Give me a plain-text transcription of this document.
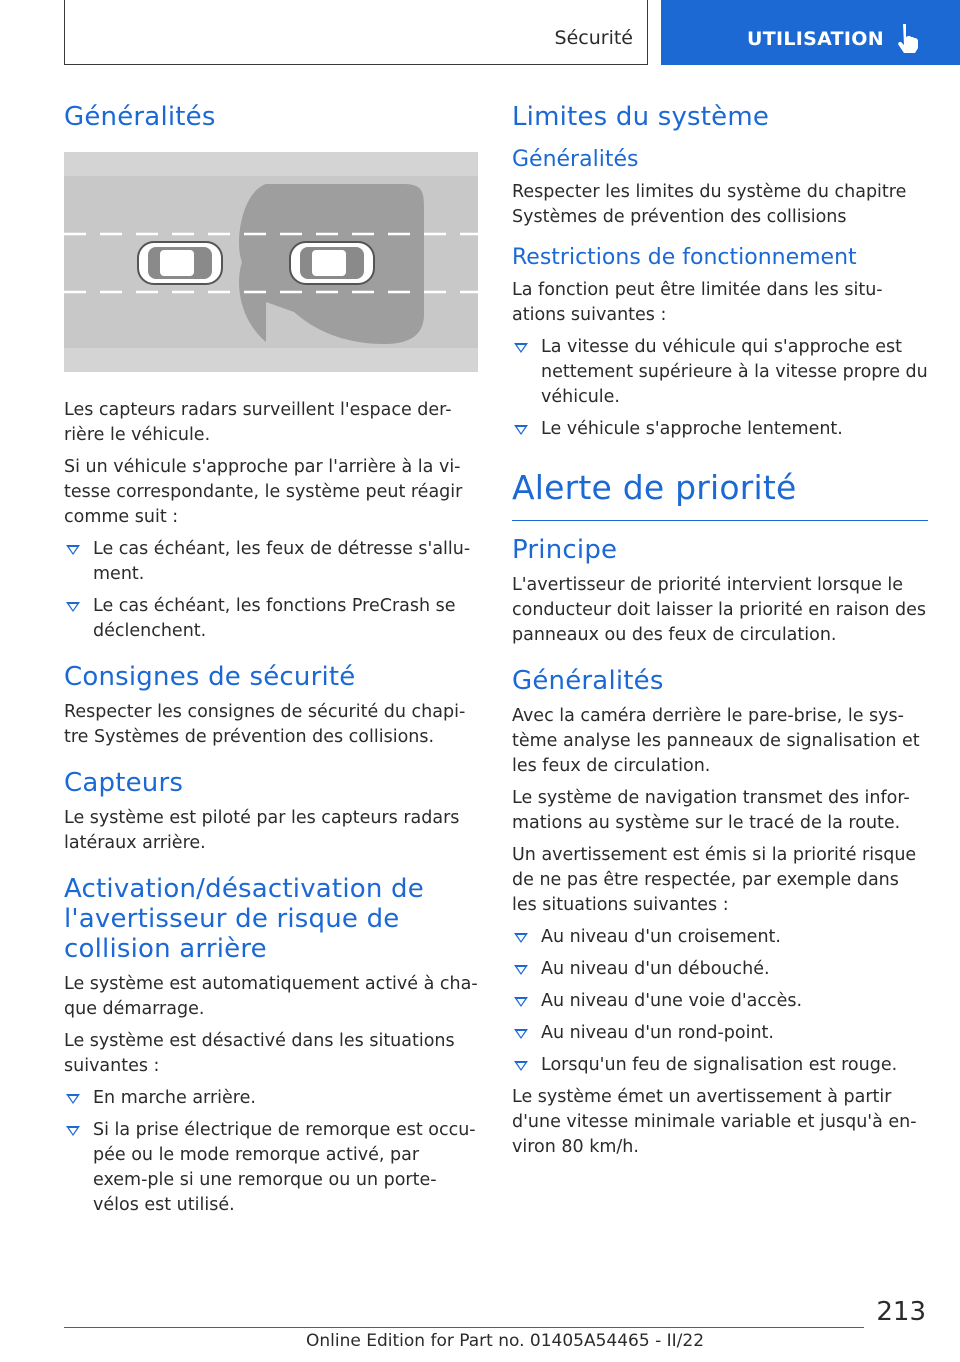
Sécurité	UTILISATION
Généralités

Les capteurs radars surveillent l'espace der-rière le véhicule.

Si un véhicule s'approche par l'arrière à la vi-tesse correspondante, le système peut réagir comme suit :

Le cas échéant, les feux de détresse s'allu-ment.
Le cas échéant, les fonctions PreCrash se déclenchent.
Consignes de sécurité

Respecter les consignes de sécurité du chapi-tre Systèmes de prévention des collisions.

Capteurs

Le système est piloté par les capteurs radars latéraux arrière.

Activation/désactivation de l'avertisseur de risque de collision arrière

Le système est automatiquement activé à cha-que démarrage.

Le système est désactivé dans les situations suivantes :

En marche arrière.
Si la prise électrique de remorque est occu-pée ou le mode remorque activé, par exem-ple si une remorque ou un porte-vélos est utilisé.
Limites du système
Généralités

Respecter les limites du système du chapitre Systèmes de prévention des collisions

Restrictions de fonctionnement

La fonction peut être limitée dans les situ-ations suivantes :

La vitesse du véhicule qui s'approche est nettement supérieure à la vitesse propre du véhicule.
Le véhicule s'approche lentement.
Alerte de priorité
Principe

L'avertisseur de priorité intervient lorsque le conducteur doit laisser la priorité en raison des panneaux ou des feux de circulation.

Généralités

Avec la caméra derrière le pare-brise, le sys-tème analyse les panneaux de signalisation et les feux de circulation.

Le système de navigation transmet des infor-mations au système sur le tracé de la route.

Un avertissement est émis si la priorité risque de ne pas être respectée, par exemple dans les situations suivantes :

Au niveau d'un croisement.
Au niveau d'un débouché.
Au niveau d'une voie d'accès.
Au niveau d'un rond-point.
Lorsqu'un feu de signalisation est rouge.

Le système émet un avertissement à partir d'une vitesse minimale variable et jusqu'à en-viron 80 km/h.

213
Online Edition for Part no. 01405A54465 - II/22
